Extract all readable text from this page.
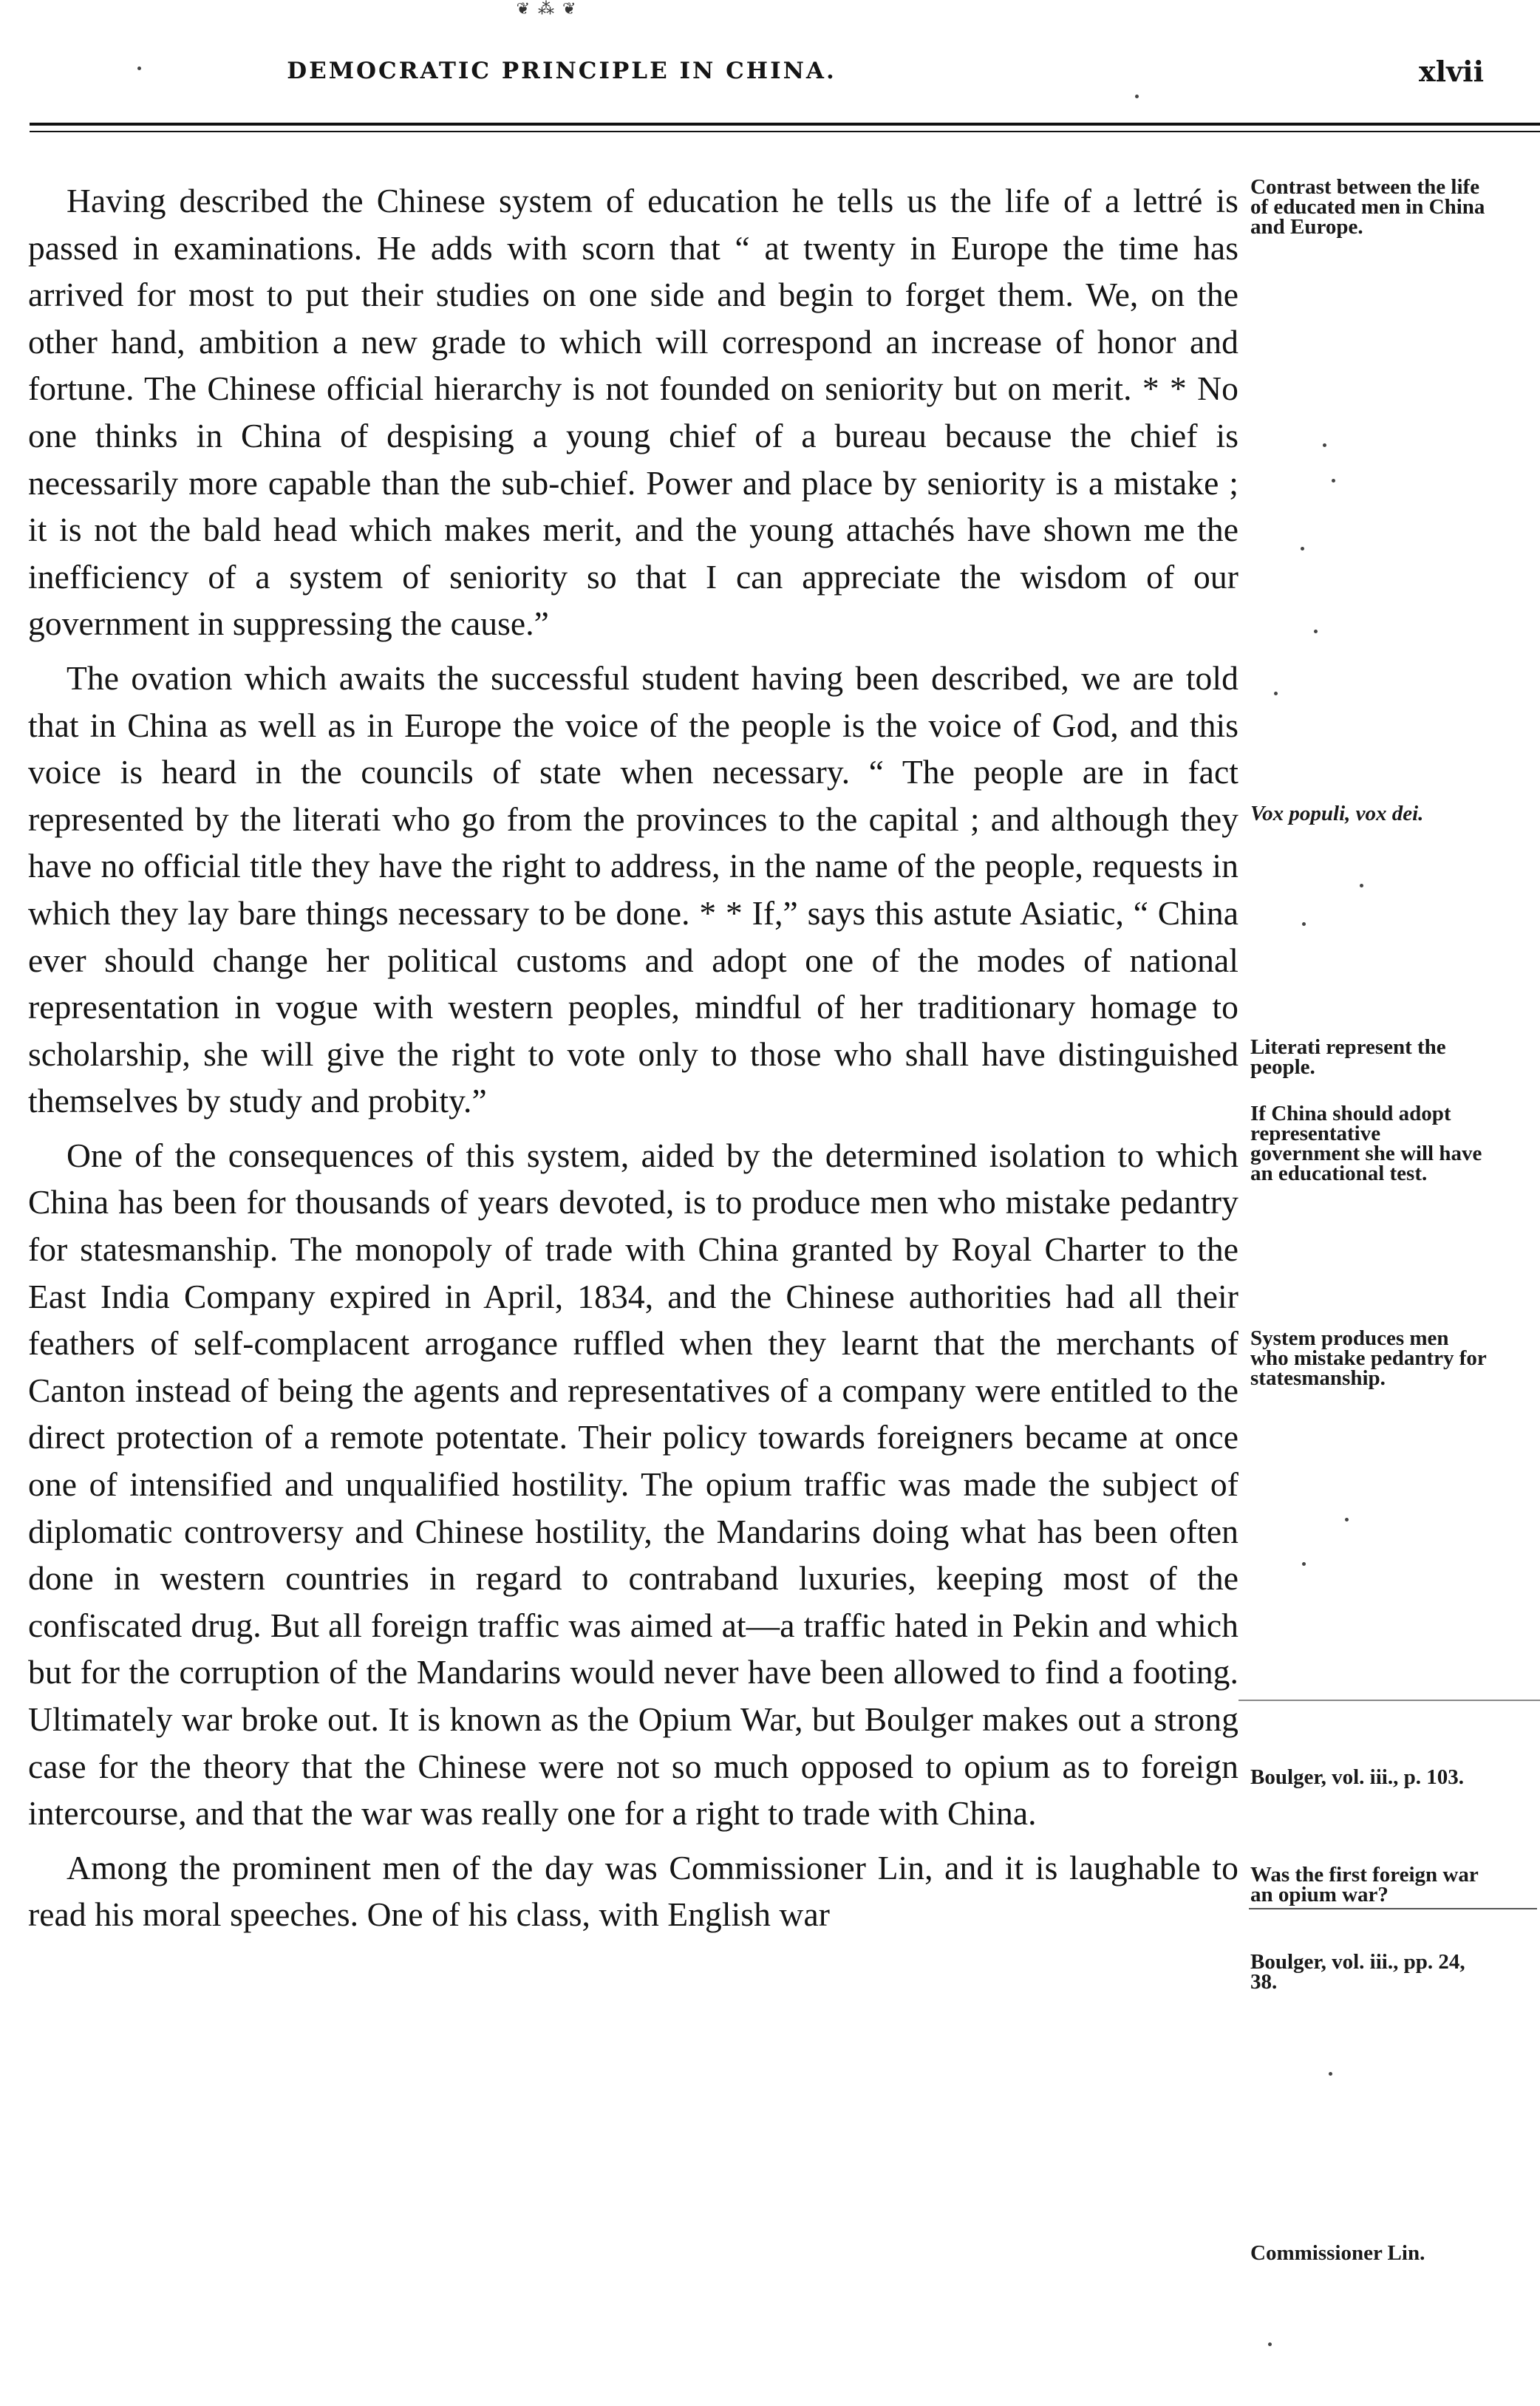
❦ ⁂ ❦
DEMOCRATIC PRINCIPLE IN CHINA.	xlvii

Having described the Chinese system of education he tells us the life of a lettré is passed in examinations. He adds with scorn that “ at twenty in Europe the time has arrived for most to put their studies on one side and begin to forget them. We, on the other hand, ambition a new grade to which will correspond an increase of honor and fortune. The Chinese official hierarchy is not founded on seniority but on merit. * * No one thinks in China of despising a young chief of a bureau because the chief is necessarily more capable than the sub-chief. Power and place by seniority is a mistake ; it is not the bald head which makes merit, and the young attachés have shown me the inefficiency of a system of seniority so that I can appreciate the wisdom of our government in suppressing the cause.”

The ovation which awaits the successful student having been described, we are told that in China as well as in Europe the voice of the people is the voice of God, and this voice is heard in the councils of state when necessary. “ The people are in fact represented by the literati who go from the provinces to the capital ; and although they have no official title they have the right to address, in the name of the people, requests in which they lay bare things necessary to be done. * * If,” says this astute Asiatic, “ China ever should change her political customs and adopt one of the modes of national representation in vogue with western peoples, mindful of her traditionary homage to scholarship, she will give the right to vote only to those who shall have distinguished themselves by study and probity.”

One of the consequences of this system, aided by the determined isolation to which China has been for thousands of years devoted, is to produce men who mistake pedantry for statesmanship. The monopoly of trade with China granted by Royal Charter to the East India Company expired in April, 1834, and the Chinese authorities had all their feathers of self-complacent arrogance ruffled when they learnt that the merchants of Canton instead of being the agents and representatives of a company were entitled to the direct protection of a remote potentate. Their policy towards foreigners became at once one of intensified and unqualified hostility. The opium traffic was made the subject of diplomatic controversy and Chinese hostility, the Mandarins doing what has been often done in western countries in regard to contraband luxuries, keeping most of the confiscated drug. But all foreign traffic was aimed at—a traffic hated in Pekin and which but for the corruption of the Mandarins would never have been allowed to find a footing. Ultimately war broke out. It is known as the Opium War, but Boulger makes out a strong case for the theory that the Chinese were not so much opposed to opium as to foreign intercourse, and that the war was really one for a right to trade with China.

Among the prominent men of the day was Commissioner Lin, and it is laughable to read his moral speeches. One of his class, with English war

Contrast between the life of educated men in China and Europe.
Vox populi, vox dei.
Literati represent the people.
If China should adopt representative government she will have an educational test.
System produces men who mistake pedantry for statesmanship.
Boulger, vol. iii., p. 103.
Was the first foreign war an opium war?
Boulger, vol. iii., pp. 24, 38.
Commissioner Lin.
